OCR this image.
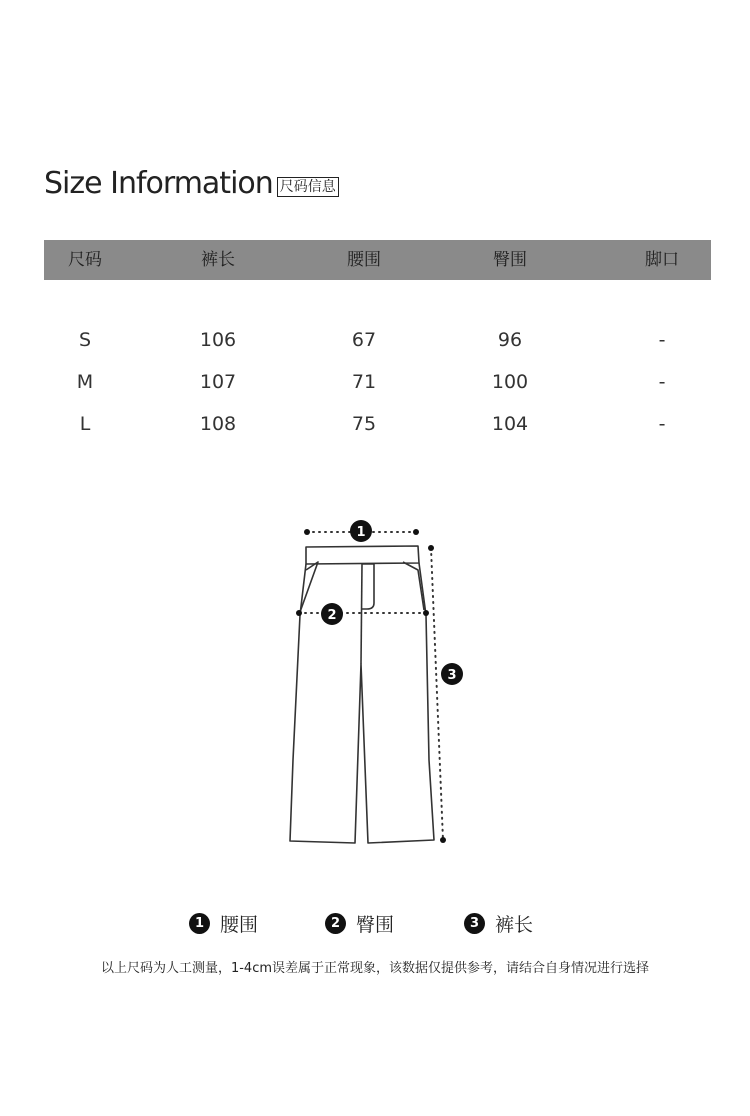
Size Information 尺码信息
尺码	裤长	腰围	臀围	脚口
S	106	67	96	-
M	107	71	100	-
L	108	75	104	-
1
2
3
1 腰围	2 臀围	3 裤长
以上尺码为人工测量，1-4cm误差属于正常现象，该数据仅提供参考，请结合自身情况进行选择
